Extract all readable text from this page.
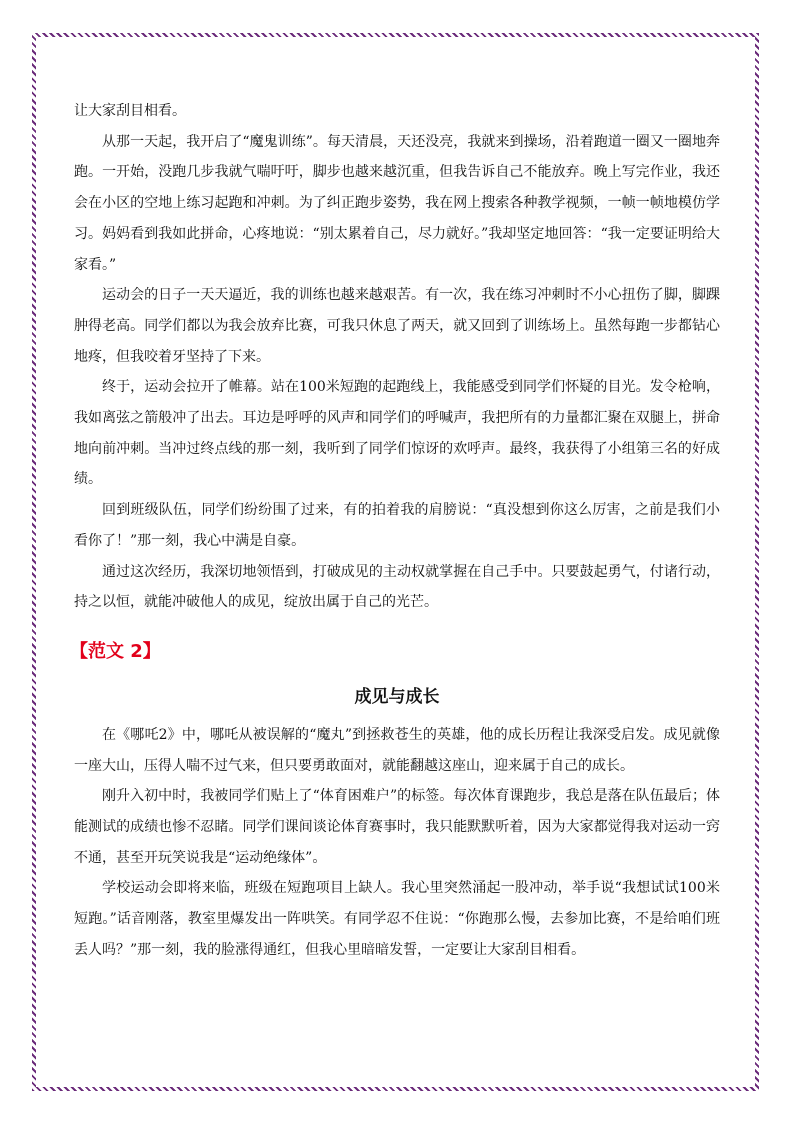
让大家刮目相看。

从那一天起，我开启了“魔鬼训练”。每天清晨，天还没亮，我就来到操场，沿着跑道一圈又一圈地奔跑。一开始，没跑几步我就气喘吁吁，脚步也越来越沉重，但我告诉自己不能放弃。晚上写完作业，我还会在小区的空地上练习起跑和冲刺。为了纠正跑步姿势，我在网上搜索各种教学视频，一帧一帧地模仿学习。妈妈看到我如此拼命，心疼地说：“别太累着自己，尽力就好。”我却坚定地回答：“我一定要证明给大家看。”

运动会的日子一天天逼近，我的训练也越来越艰苦。有一次，我在练习冲刺时不小心扭伤了脚，脚踝肿得老高。同学们都以为我会放弃比赛，可我只休息了两天，就又回到了训练场上。虽然每跑一步都钻心地疼，但我咬着牙坚持了下来。

终于，运动会拉开了帷幕。站在100米短跑的起跑线上，我能感受到同学们怀疑的目光。发令枪响，我如离弦之箭般冲了出去。耳边是呼呼的风声和同学们的呼喊声，我把所有的力量都汇聚在双腿上，拼命地向前冲刺。当冲过终点线的那一刻，我听到了同学们惊讶的欢呼声。最终，我获得了小组第三名的好成绩。

回到班级队伍，同学们纷纷围了过来，有的拍着我的肩膀说：“真没想到你这么厉害，之前是我们小看你了！”那一刻，我心中满是自豪。

通过这次经历，我深切地领悟到，打破成见的主动权就掌握在自己手中。只要鼓起勇气，付诸行动，持之以恒，就能冲破他人的成见，绽放出属于自己的光芒。

【范文 2】
成见与成长

在《哪吒2》中，哪吒从被误解的“魔丸”到拯救苍生的英雄，他的成长历程让我深受启发。成见就像一座大山，压得人喘不过气来，但只要勇敢面对，就能翻越这座山，迎来属于自己的成长。

刚升入初中时，我被同学们贴上了“体育困难户”的标签。每次体育课跑步，我总是落在队伍最后；体能测试的成绩也惨不忍睹。同学们课间谈论体育赛事时，我只能默默听着，因为大家都觉得我对运动一窍不通，甚至开玩笑说我是“运动绝缘体”。

学校运动会即将来临，班级在短跑项目上缺人。我心里突然涌起一股冲动，举手说“我想试试100米短跑。”话音刚落，教室里爆发出一阵哄笑。有同学忍不住说：“你跑那么慢，去参加比赛，不是给咱们班丢人吗？”那一刻，我的脸涨得通红，但我心里暗暗发誓，一定要让大家刮目相看。
